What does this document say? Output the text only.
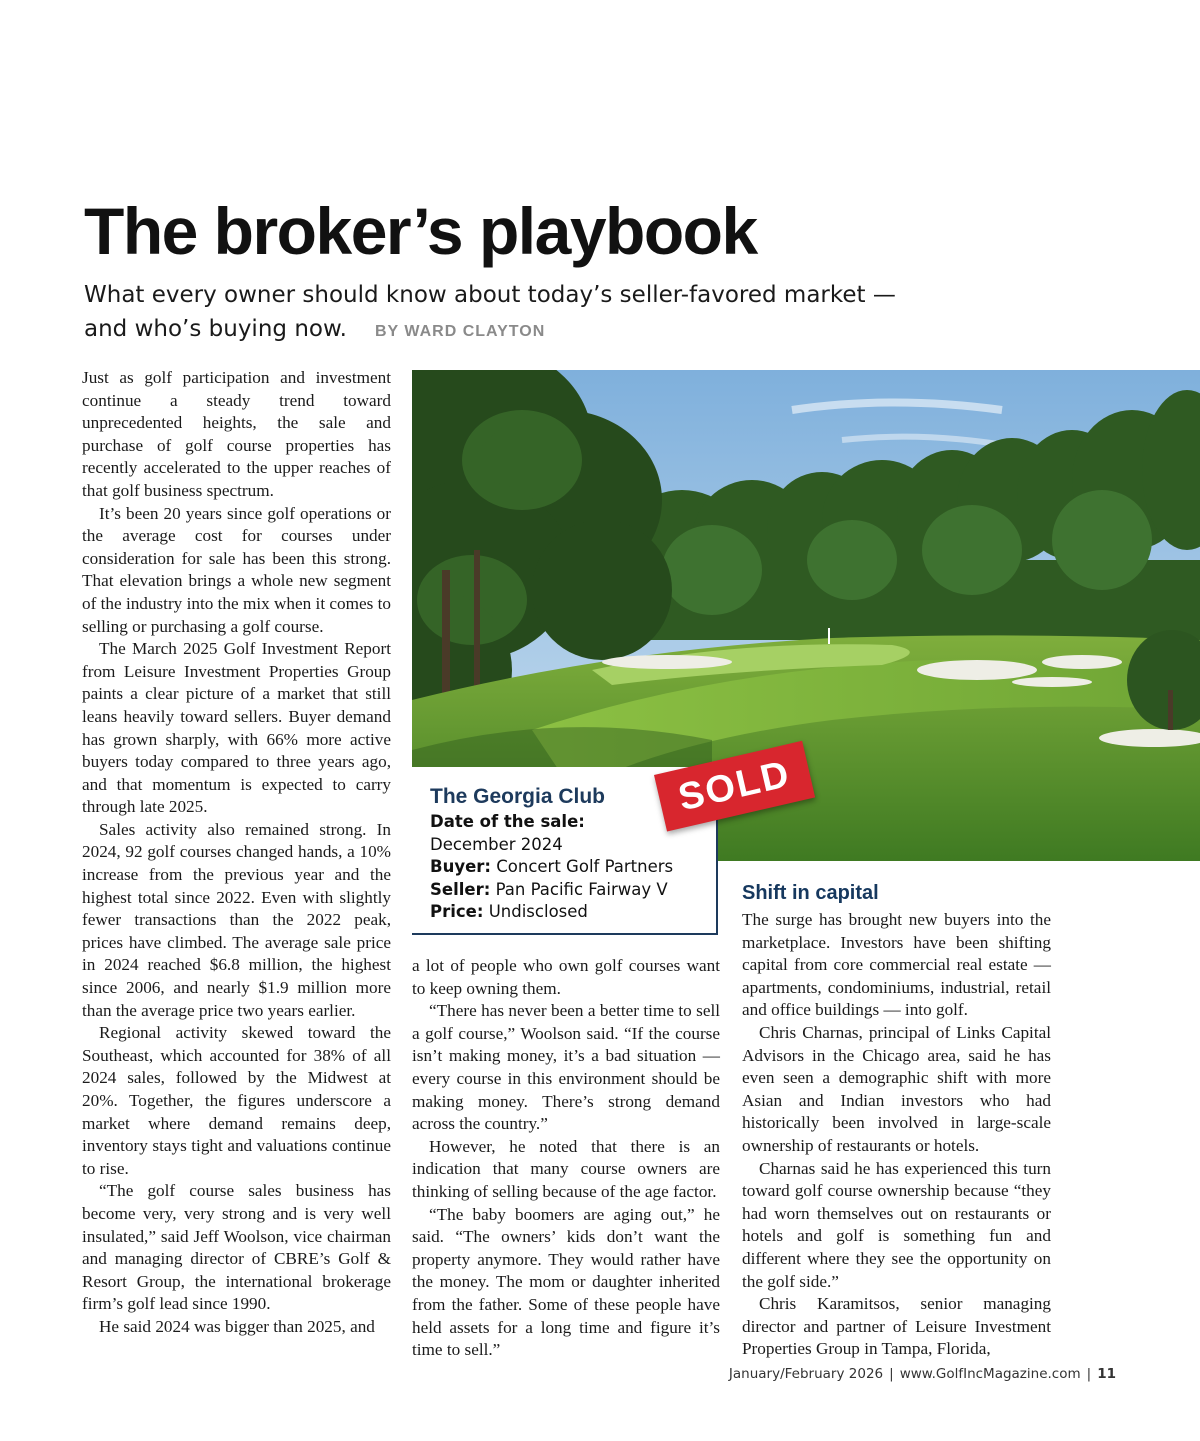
The broker’s playbook
What every owner should know about today’s seller-favored market —
and who’s buying now. BY WARD CLAYTON

Just as golf participation and investment continue a steady trend toward unprecedented heights, the sale and purchase of golf course properties has recently accelerated to the upper reaches of that golf business spectrum.

It’s been 20 years since golf operations or the average cost for courses under consideration for sale has been this strong. That elevation brings a whole new segment of the industry into the mix when it comes to selling or purchasing a golf course.

The March 2025 Golf Investment Report from Leisure Investment Properties Group paints a clear picture of a market that still leans heavily toward sellers. Buyer demand has grown sharply, with 66% more active buyers today compared to three years ago, and that momentum is expected to carry through late 2025.

Sales activity also remained strong. In 2024, 92 golf courses changed hands, a 10% increase from the previous year and the highest total since 2022. Even with slightly fewer transactions than the 2022 peak, prices have climbed. The average sale price in 2024 reached $6.8 million, the highest since 2006, and nearly $1.9 million more than the average price two years earlier.

Regional activity skewed toward the Southeast, which accounted for 38% of all 2024 sales, followed by the Midwest at 20%. Together, the figures underscore a market where demand remains deep, inventory stays tight and valuations continue to rise.

“The golf course sales business has become very, very strong and is very well insulated,” said Jeff Woolson, vice chairman and managing director of CBRE’s Golf & Resort Group, the international brokerage firm’s golf lead since 1990.

He said 2024 was bigger than 2025, and

The Georgia Club
Date of the sale:
December 2024
Buyer: Concert Golf Partners
Seller: Pan Pacific Fairway V
Price: Undisclosed
SOLD

a lot of people who own golf courses want to keep owning them.

“There has never been a better time to sell a golf course,” Woolson said. “If the course isn’t making money, it’s a bad situation — every course in this environment should be making money. There’s strong demand across the country.”

However, he noted that there is an indication that many course owners are thinking of selling because of the age factor.

“The baby boomers are aging out,” he said. “The owners’ kids don’t want the property anymore. They would rather have the money. The mom or daughter inherited from the father. Some of these people have held assets for a long time and figure it’s time to sell.”

Shift in capital

The surge has brought new buyers into the marketplace. Investors have been shifting capital from core commercial real estate — apartments, condominiums, industrial, retail and office buildings — into golf.

Chris Charnas, principal of Links Capital Advisors in the Chicago area, said he has even seen a demographic shift with more Asian and Indian investors who had historically been involved in large-scale ownership of restaurants or hotels.

Charnas said he has experienced this turn toward golf course ownership because “they had worn themselves out on restaurants or hotels and golf is something fun and different where they see the opportunity on the golf side.”

Chris Karamitsos, senior managing director and partner of Leisure Investment Properties Group in Tampa, Florida,

January/February 2026 | www.GolfIncMagazine.com | 11
